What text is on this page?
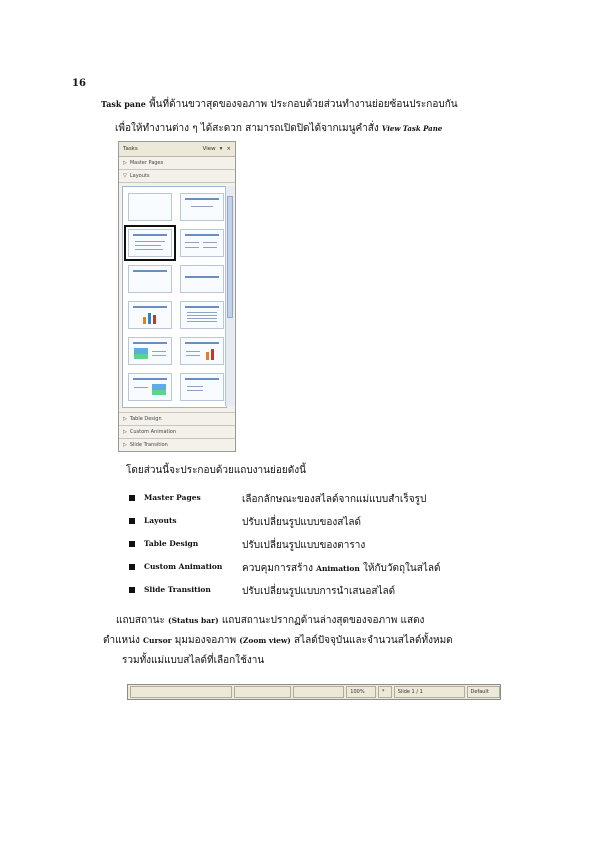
16
Task pane พื้นที่ด้านขวาสุดของจอภาพ ประกอบด้วยส่วนทำงานย่อยซ้อนประกอบกัน
เพื่อให้ทำงานต่าง ๆ ได้สะดวก สามารถเปิดปิดได้จากเมนูคำสั่ง View Task Pane
Tasks	View ▾ ×
▷ Master Pages
▽ Layouts
▷ Table Design
▷ Custom Animation
▷ Slide Transition
โดยส่วนนี้จะประกอบด้วยแถบงานย่อยดังนี้
Master Pages	เลือกลักษณะของสไลด์จากแม่แบบสำเร็จรูป
Layouts	ปรับเปลี่ยนรูปแบบของสไลด์
Table Design	ปรับเปลี่ยนรูปแบบของตาราง
Custom Animation	ควบคุมการสร้าง Animation ให้กับวัตถุในสไลด์
Slide Transition	ปรับเปลี่ยนรูปแบบการนำเสนอสไลด์
แถบสถานะ (Status bar) แถบสถานะปรากฏด้านล่างสุดของจอภาพ แสดง
ตำแหน่ง Cursor มุมมองจอภาพ (Zoom view) สไลด์ปัจจุบันและจำนวนสไลด์ทั้งหมด
รวมทั้งแม่แบบสไลด์ที่เลือกใช้งาน
100%	*	Slide 1 / 1	Default
